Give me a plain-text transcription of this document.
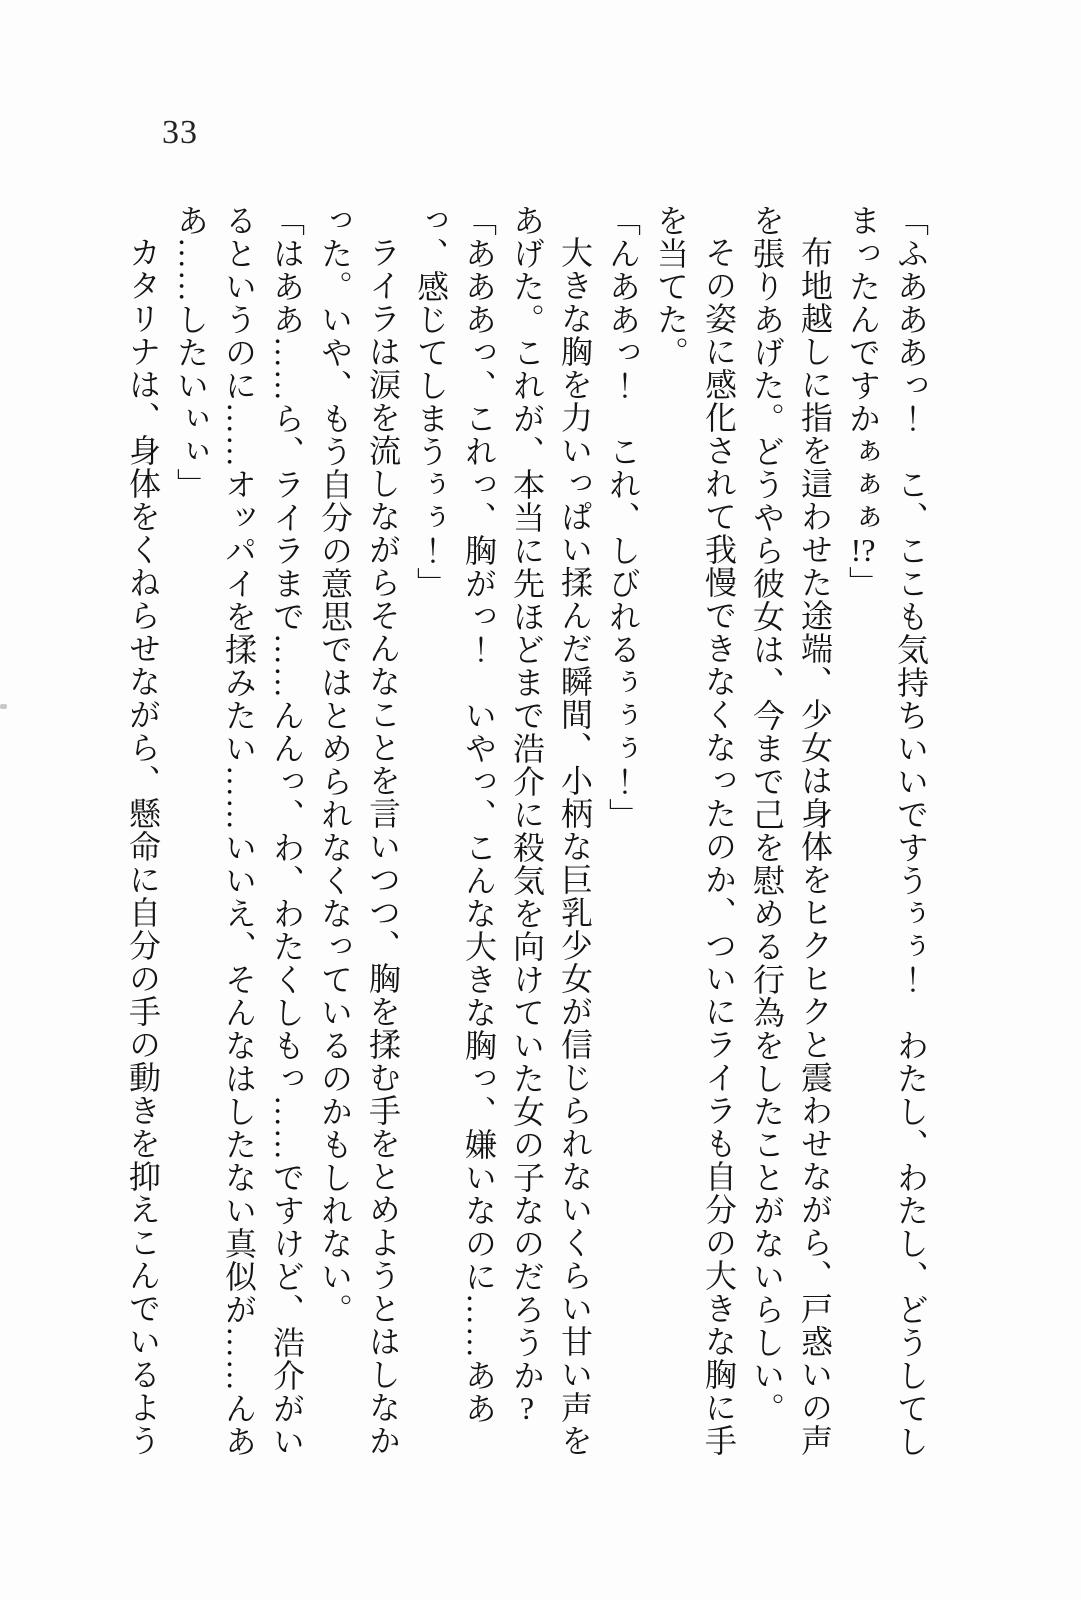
33

「ふあああっ！　こ、ここも気持ちいいですうぅぅ！　わたし、わたし、どうしてしまったんですかぁぁぁ!?」

布地越しに指を這わせた途端、少女は身体をヒクヒクと震わせながら、戸惑いの声を張りあげた。どうやら彼女は、今まで己を慰める行為をしたことがないらしい。

その姿に感化されて我慢できなくなったのか、ついにライラも自分の大きな胸に手を当てた。

「んああっ！　これ、しびれるぅぅぅ！」

大きな胸を力いっぱい揉んだ瞬間、小柄な巨乳少女が信じられないくらい甘い声をあげた。これが、本当に先ほどまで浩介に殺気を向けていた女の子なのだろうか?

「あああっ、これっ、胸がっ！　いやっ、こんな大きな胸っ、嫌いなのに……ああっ、感じてしまうぅぅ！」

ライラは涙を流しながらそんなことを言いつつ、胸を揉む手をとめようとはしなかった。いや、もう自分の意思ではとめられなくなっているのかもしれない。

「はああ……ら、ライラまで……んんっ、わ、わたくしもっ……ですけど、浩介がいるというのに……オッパイを揉みたい……いいえ、そんなはしたない真似が……んああ……したいぃぃ」

カタリナは、身体をくねらせながら、懸命に自分の手の動きを抑えこんでいるよう
